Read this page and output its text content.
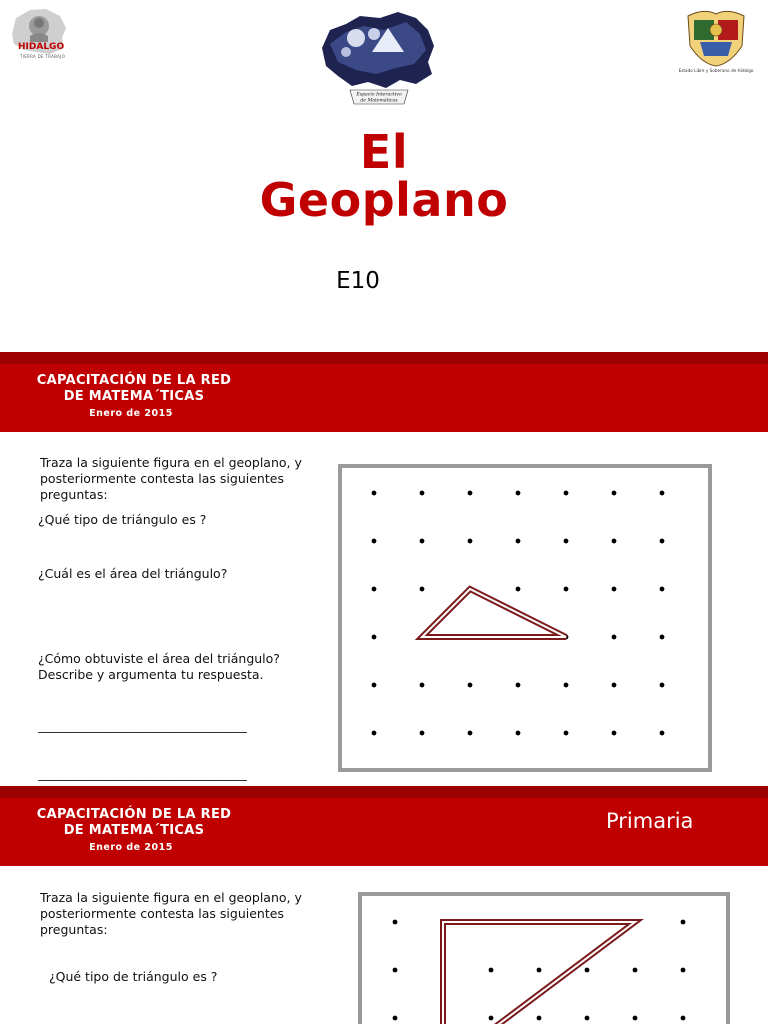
HIDALGO
TIERRA DE TRABAJO
Espacio Interactivo
de Matemáticas
Estado Libre y Soberano de Hidalgo
El
Geoplano
E10
CAPACITACIÓN DE LA RED
DE MATEMA´TICAS
Enero de 2015
Traza la siguiente figura en el geoplano, y
posteriormente contesta las siguientes
preguntas:
¿Qué tipo de triángulo es ?
¿Cuál es el área del triángulo?
¿Cómo obtuviste el área del triángulo?
Describe y argumenta tu respuesta.

______________________________________

______________________________________

CAPACITACIÓN DE LA RED
DE MATEMA´TICAS
Enero de 2015
Primaria
Traza la siguiente figura en el geoplano, y
posteriormente contesta las siguientes preguntas:
¿Qué tipo de triángulo es ?
